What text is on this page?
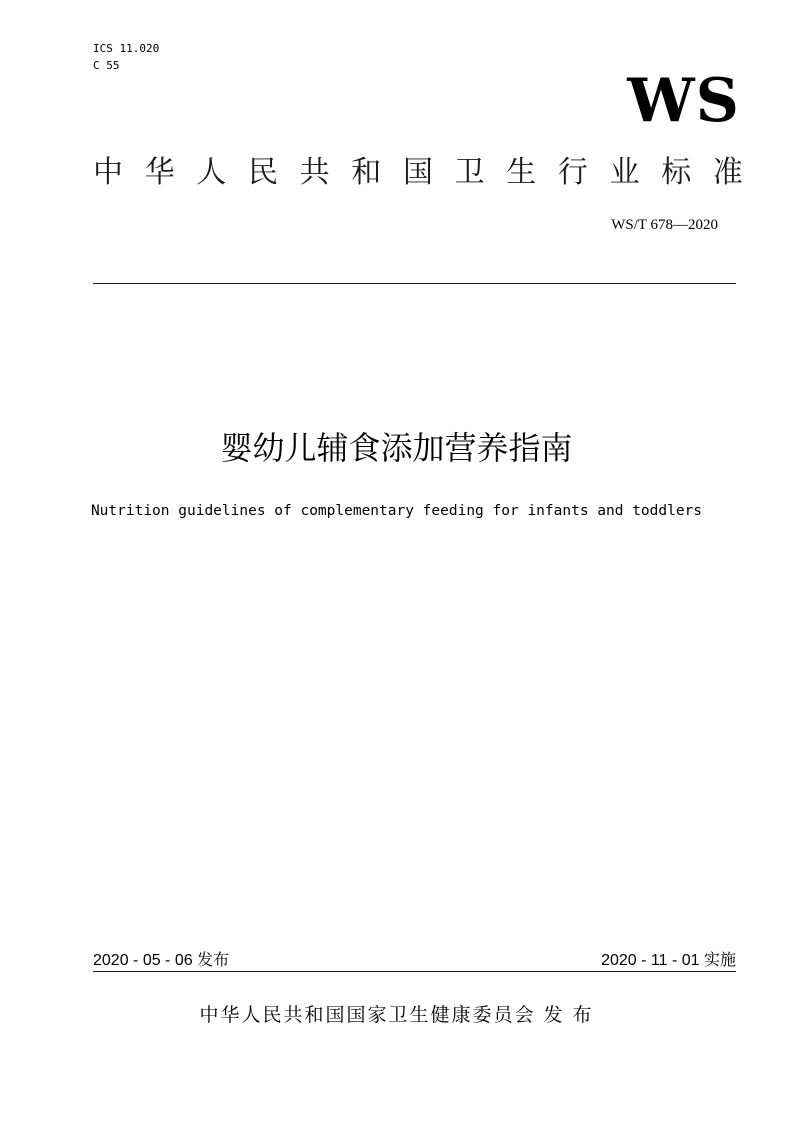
ICS 11.020
C 55
WS
中 华 人 民 共 和 国 卫 生 行 业 标 准
WS/T 678—2020
婴幼儿辅食添加营养指南
Nutrition guidelines of complementary feeding for infants and toddlers
2020 - 05 - 06 发布	2020 - 11 - 01 实施
中华人民共和国国家卫生健康委员会 发 布
